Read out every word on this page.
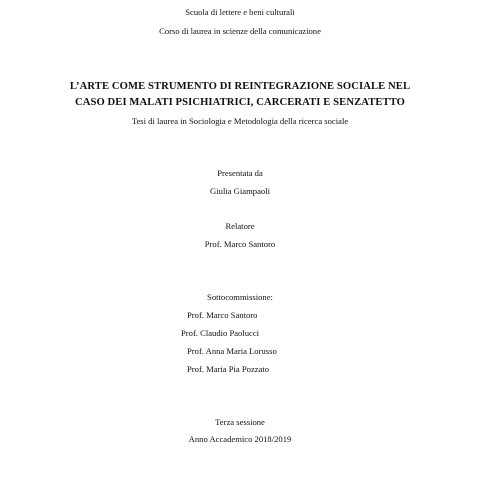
Scuola di lettere e beni culturali
Corso di laurea in scienze della comunicazione
L’ARTE COME STRUMENTO DI REINTEGRAZIONE SOCIALE NEL
CASO DEI MALATI PSICHIATRICI, CARCERATI E SENZATETTO
Tesi di laurea in Sociologia e Metodologia della ricerca sociale
Presentata da
Giulia Giampaoli
Relatore
Prof. Marco Santoro
Sottocommissione:
Prof. Marco Santoro
Prof. Claudio Paolucci
Prof. Anna Maria Lorusso
Prof. Maria Pia Pozzato
Terza sessione
Anno Accademico 2018/2019
